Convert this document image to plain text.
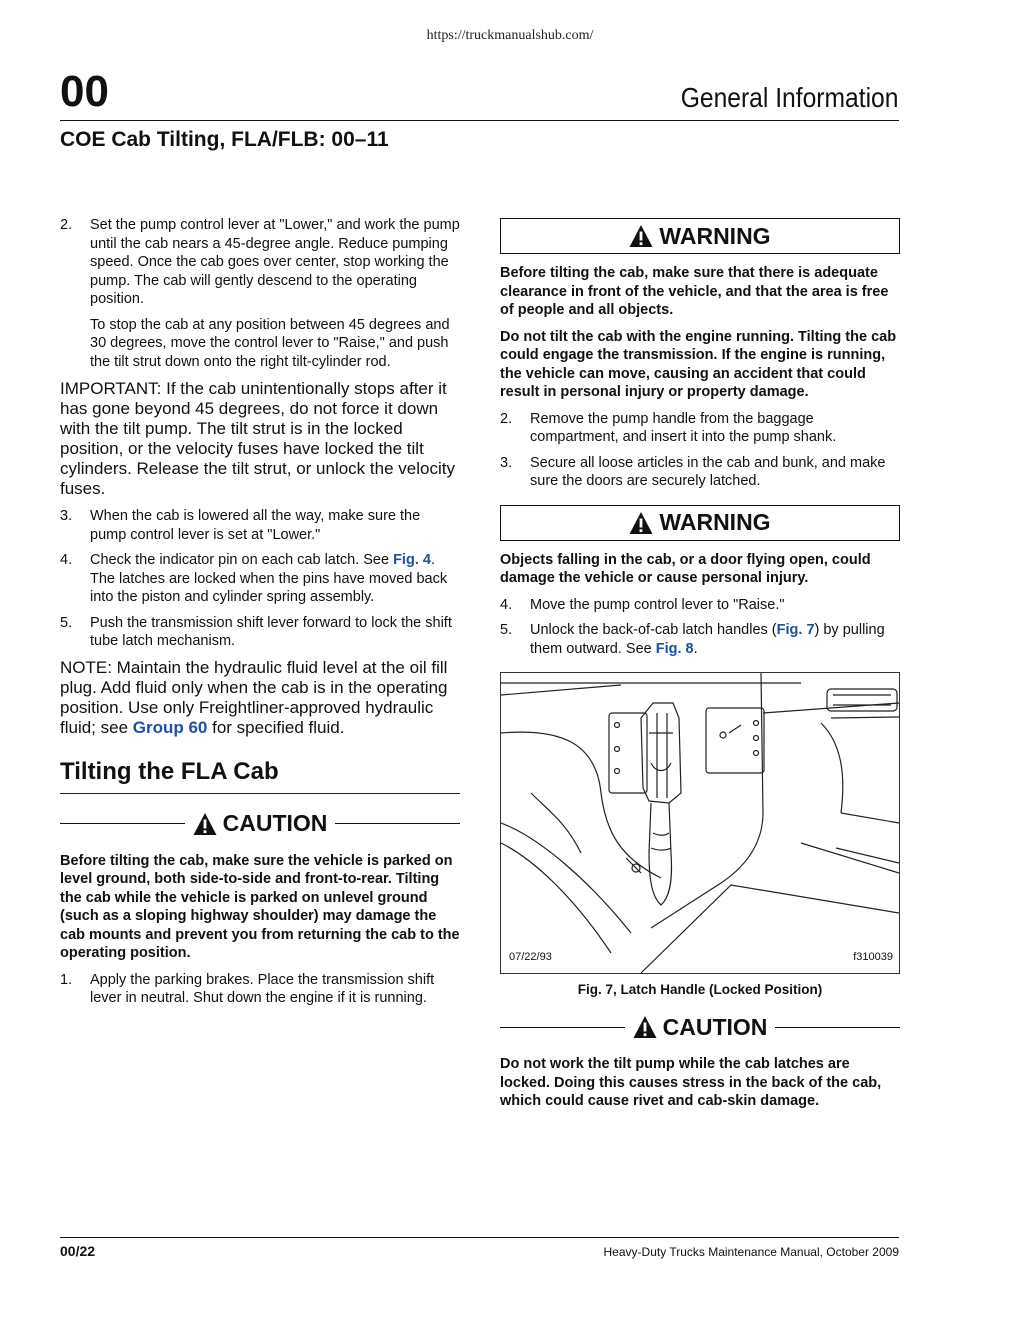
https://truckmanualshub.com/
00	General Information
COE Cab Tilting, FLA/FLB: 00–11
2.	Set the pump control lever at "Lower," and work the pump until the cab nears a 45-degree angle. Reduce pumping speed. Once the cab goes over center, stop working the pump. The cab will gently descend to the operating position.
To stop the cab at any position between 45 degrees and 30 degrees, move the control lever to "Raise," and push the tilt strut down onto the right tilt-cylinder rod.
IMPORTANT: If the cab unintentionally stops after it has gone beyond 45 degrees, do not force it down with the tilt pump. The tilt strut is in the locked position, or the velocity fuses have locked the tilt cylinders. Release the tilt strut, or unlock the velocity fuses.
3.	When the cab is lowered all the way, make sure the pump control lever is set at "Lower."
4.	Check the indicator pin on each cab latch. See Fig. 4. The latches are locked when the pins have moved back into the piston and cylinder spring assembly.
5.	Push the transmission shift lever forward to lock the shift tube latch mechanism.
NOTE: Maintain the hydraulic fluid level at the oil fill plug. Add fluid only when the cab is in the operating position. Use only Freightliner-approved hydraulic fluid; see Group 60 for specified fluid.
Tilting the FLA Cab
CAUTION
Before tilting the cab, make sure the vehicle is parked on level ground, both side-to-side and front-to-rear. Tilting the cab while the vehicle is parked on unlevel ground (such as a sloping highway shoulder) may damage the cab mounts and prevent you from returning the cab to the operating position.
1.	Apply the parking brakes. Place the transmission shift lever in neutral. Shut down the engine if it is running.
WARNING
Before tilting the cab, make sure that there is adequate clearance in front of the vehicle, and that the area is free of people and all objects.
Do not tilt the cab with the engine running. Tilting the cab could engage the transmission. If the engine is running, the vehicle can move, causing an accident that could result in personal injury or property damage.
2.	Remove the pump handle from the baggage compartment, and insert it into the pump shank.
3.	Secure all loose articles in the cab and bunk, and make sure the doors are securely latched.
WARNING
Objects falling in the cab, or a door flying open, could damage the vehicle or cause personal injury.
4.	Move the pump control lever to "Raise."
5.	Unlock the back-of-cab latch handles (Fig. 7) by pulling them outward. See Fig. 8.
07/22/93	f310039
Fig. 7, Latch Handle (Locked Position)
CAUTION
Do not work the tilt pump while the cab latches are locked. Doing this causes stress in the back of the cab, which could cause rivet and cab-skin damage.
00/22	Heavy-Duty Trucks Maintenance Manual, October 2009
